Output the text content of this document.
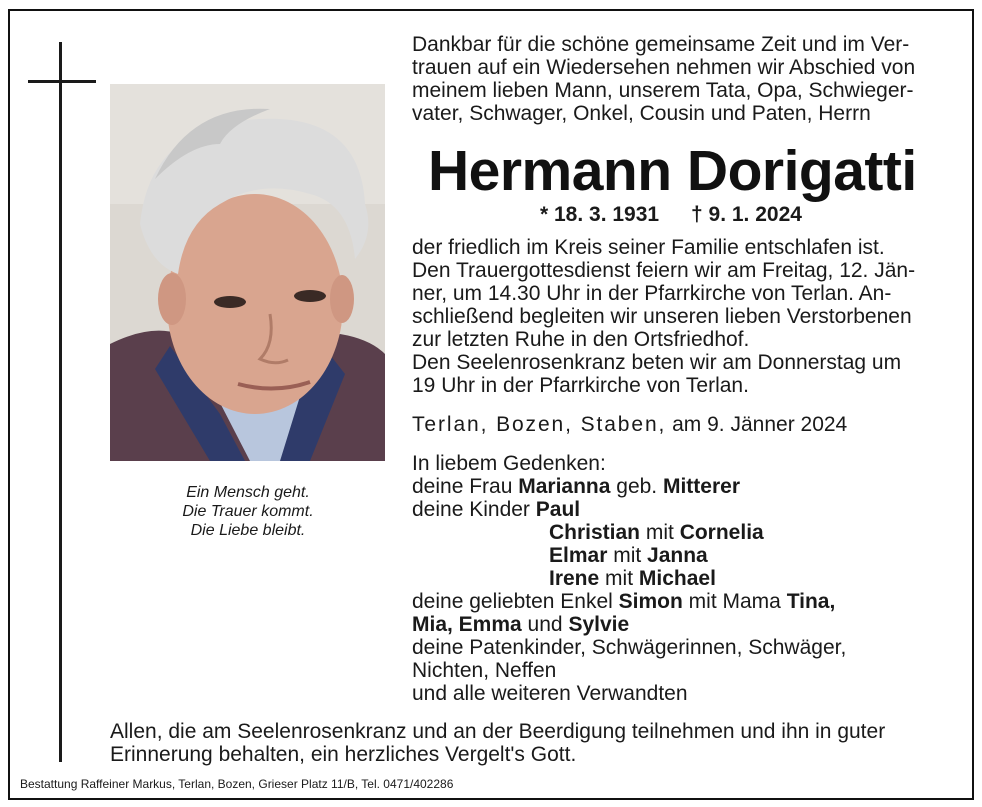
Ein Mensch geht.
Die Trauer kommt.
Die Liebe bleibt.
Dankbar für die schöne gemeinsame Zeit und im Ver-
trauen auf ein Wiedersehen nehmen wir Abschied von
meinem lieben Mann, unserem Tata, Opa, Schwieger-
vater, Schwager, Onkel, Cousin und Paten, Herrn
Hermann Dorigatti
* 18. 3. 1931 † 9. 1. 2024
der friedlich im Kreis seiner Familie entschlafen ist.
Den Trauergottesdienst feiern wir am Freitag, 12. Jän-
ner, um 14.30 Uhr in der Pfarrkirche von Terlan. An-
schließend begleiten wir unseren lieben Verstorbenen
zur letzten Ruhe in den Ortsfriedhof.
Den Seelenrosenkranz beten wir am Donnerstag um
19 Uhr in der Pfarrkirche von Terlan.
Terlan, Bozen, Staben, am 9. Jänner 2024
In liebem Gedenken:
deine Frau Marianna geb. Mitterer
deine Kinder Paul
Christian mit Cornelia
Elmar mit Janna
Irene mit Michael
deine geliebten Enkel Simon mit Mama Tina,
Mia, Emma und Sylvie
deine Patenkinder, Schwägerinnen, Schwäger,
Nichten, Neffen
und alle weiteren Verwandten
Allen, die am Seelenrosenkranz und an der Beerdigung teilnehmen und ihn in guter
Erinnerung behalten, ein herzliches Vergelt's Gott.
Bestattung Raffeiner Markus, Terlan, Bozen, Grieser Platz 11/B, Tel. 0471/402286
